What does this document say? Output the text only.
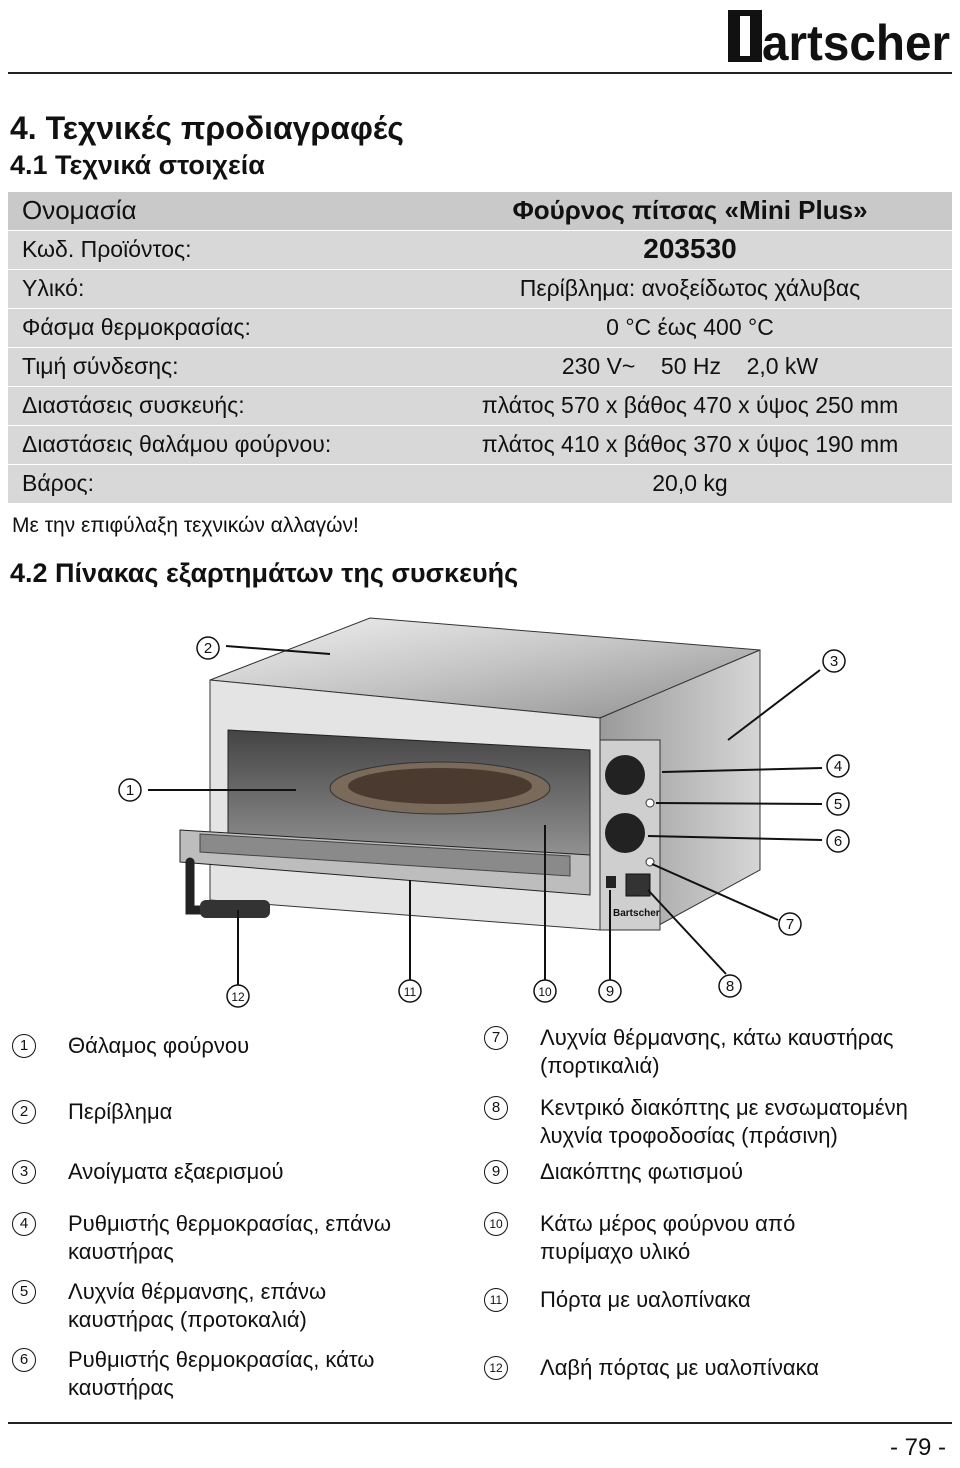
artscher
4. Τεχνικές προδιαγραφές
4.1 Τεχνικά στοιχεία
Ονομασία	Φούρνος πίτσας «Mini Plus»
Κωδ. Προϊόντος:	203530
Υλικό:	Περίβλημα: ανοξείδωτος χάλυβας
Φάσμα θερμοκρασίας:	0 °C έως 400 °C
Τιμή σύνδεσης:	230 V~    50 Hz    2,0 kW
Διαστάσεις συσκευής:	πλάτος 570 x βάθος 470 x ύψος 250 mm
Διαστάσεις θαλάμου φούρνου:	πλάτος 410 x βάθος 370 x ύψος 190 mm
Βάρος:	20,0 kg
Με την επιφύλαξη τεχνικών αλλαγών!
4.2 Πίνακας εξαρτημάτων της συσκευής
Bartscher
2
3
1
4
5
6
7
8
9
10
11
12
1	Θάλαμος φούρνου
2	Περίβλημα
3	Ανοίγματα εξαερισμού
4	Ρυθμιστής θερμοκρασίας, επάνω καυστήρας
5	Λυχνία θέρμανσης, επάνω καυστήρας (προτοκαλιά)
6	Ρυθμιστής θερμοκρασίας, κάτω καυστήρας
7	Λυχνία θέρμανσης, κάτω καυστήρας (πορτικαλιά)
8	Κεντρικό διακόπτης με ενσωματομένη λυχνία τροφοδοσίας (πράσινη)
9	Διακόπτης φωτισμού
10 Κάτω μέρος φούρνου από πυρίμαχο υλικό
11 Πόρτα με υαλοπίνακα
12 Λαβή πόρτας με υαλοπίνακα
- 79 -
